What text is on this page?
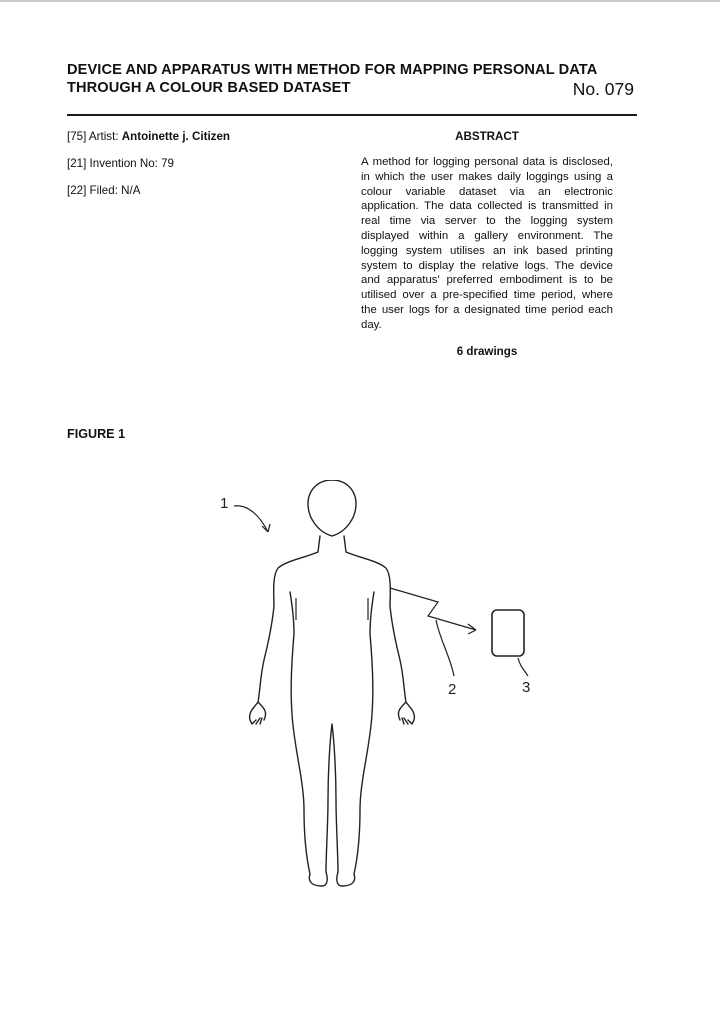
DEVICE AND APPARATUS WITH METHOD FOR MAPPING PERSONAL DATA
THROUGH A COLOUR BASED DATASET	No. 079
[75] Artist: Antoinette j. Citizen
[21] Invention No: 79
[22] Filed: N/A
ABSTRACT
A method for logging personal data is disclosed, in which the user makes daily loggings using a colour variable dataset via an electronic application. The data collected is transmitted in real time via server to the logging system displayed within a gallery environment. The logging system utilises an ink based printing system to display the relative logs. The device and apparatus' preferred embodiment is to be utilised over a pre-specified time period, where the user logs for a designated time period each day.
6 drawings
FIGURE 1
1
2	3
